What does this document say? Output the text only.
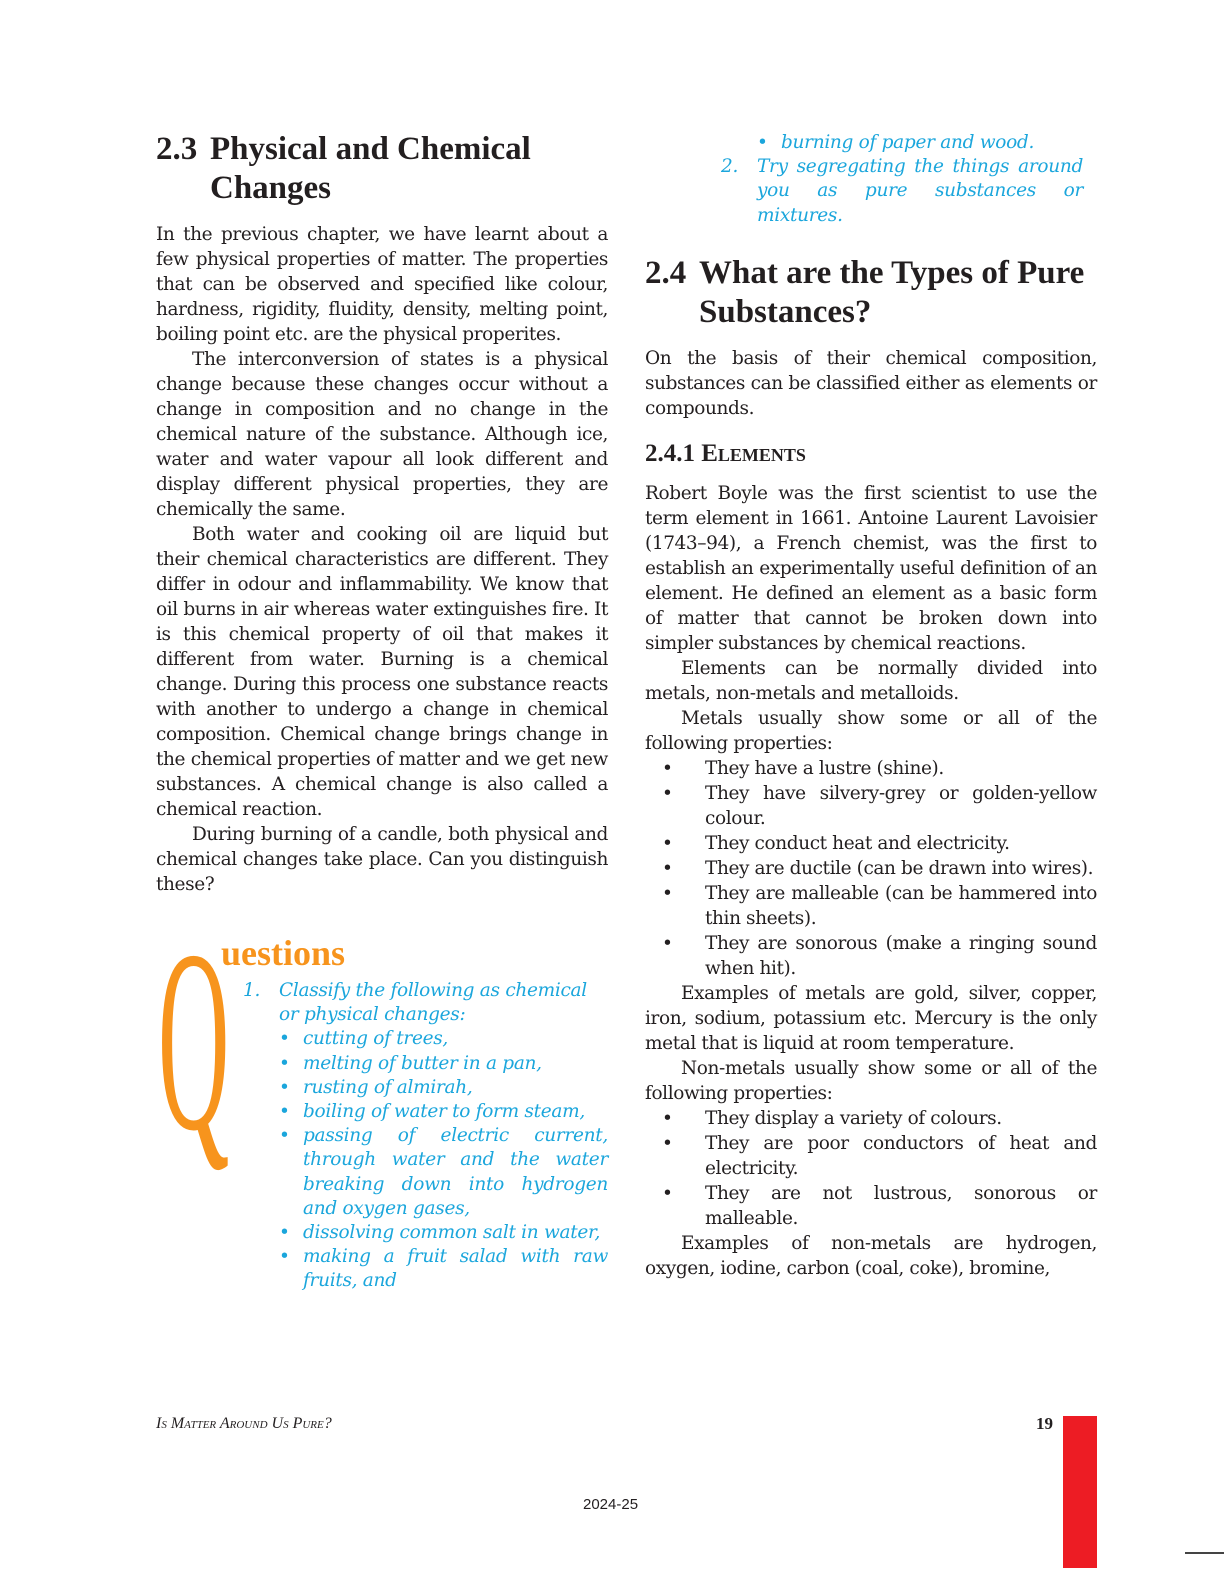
2.3 Physical and Chemical Changes

In the previous chapter, we have learnt about a few physical properties of matter. The properties that can be observed and specified like colour, hardness, rigidity, fluidity, density, melting point, boiling point etc. are the physical properites.

The interconversion of states is a physical change because these changes occur without a change in composition and no change in the chemical nature of the substance. Although ice, water and water vapour all look different and display different physical properties, they are chemically the same.

Both water and cooking oil are liquid but their chemical characteristics are different. They differ in odour and inflammability. We know that oil burns in air whereas water extinguishes fire. It is this chemical property of oil that makes it different from water. Burning is a chemical change. During this process one substance reacts with another to undergo a change in chemical composition. Chemical change brings change in the chemical properties of matter and we get new substances. A chemical change is also called a chemical reaction.

During burning of a candle, both physical and chemical changes take place. Can you distinguish these?

Q
uestions
1.	Classify the following as chemical or physical changes:
• cutting of trees,
• melting of butter in a pan,
• rusting of almirah,
• boiling of water to form steam,
• passing of electric current, through water and the water breaking down into hydrogen and oxygen gases,
• dissolving common salt in water,
• making a fruit salad with raw fruits, and
• burning of paper and wood.
2.	Try segregating the things around you as pure substances or mixtures.
2.4 What are the Types of Pure Substances?

On the basis of their chemical composition, substances can be classified either as elements or compounds.

2.4.1 Elements

Robert Boyle was the first scientist to use the term element in 1661. Antoine Laurent Lavoisier (1743–94), a French chemist, was the first to establish an experimentally useful definition of an element. He defined an element as a basic form of matter that cannot be broken down into simpler substances by chemical reactions.

Elements can be normally divided into metals, non-metals and metalloids.

Metals usually show some or all of the following properties:

• They have a lustre (shine).
• They have silvery-grey or golden-yellow colour.
• They conduct heat and electricity.
• They are ductile (can be drawn into wires).
• They are malleable (can be hammered into thin sheets).
• They are sonorous (make a ringing sound when hit).

Examples of metals are gold, silver, copper, iron, sodium, potassium etc. Mercury is the only metal that is liquid at room temperature.

Non-metals usually show some or all of the following properties:

• They display a variety of colours.
• They are poor conductors of heat and electricity.
• They are not lustrous, sonorous or malleable.

Examples of non-metals are hydrogen, oxygen, iodine, carbon (coal, coke), bromine,

Is Matter Around Us Pure?	19
2024-25
